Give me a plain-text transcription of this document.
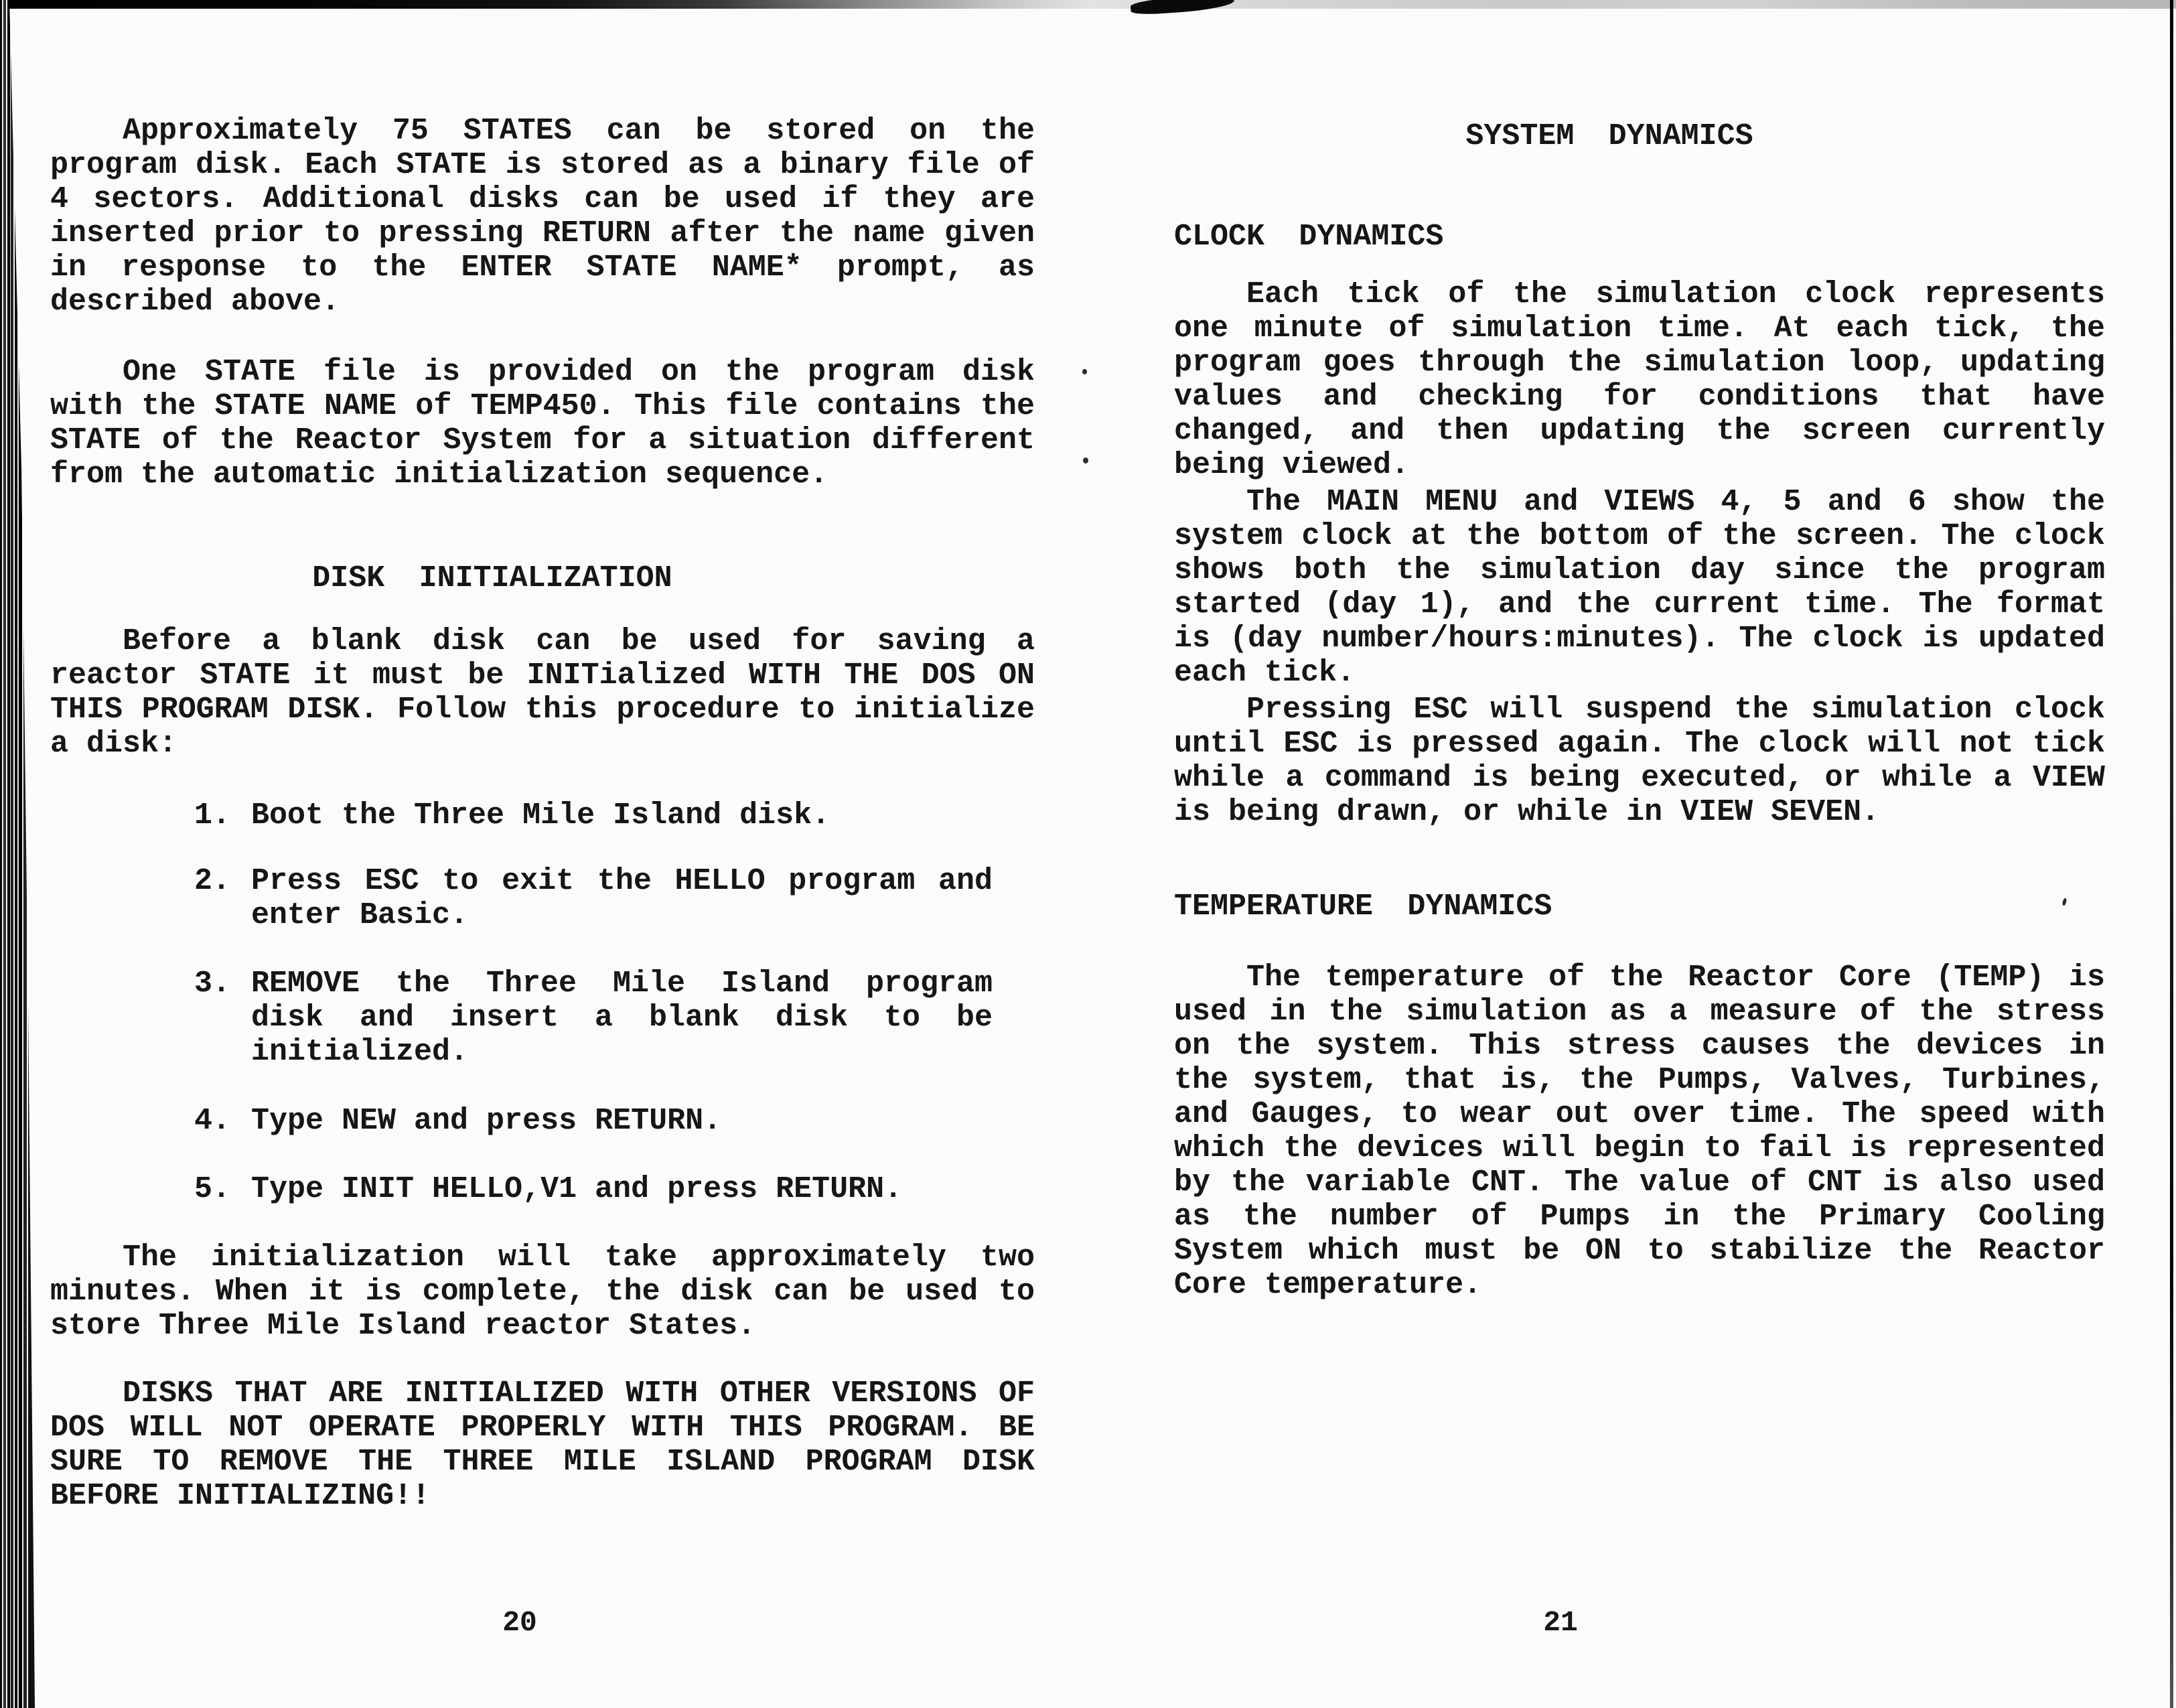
Approximately 75 STATES can be stored on the program disk. Each STATE is stored as a binary file of 4 sectors. Additional disks can be used if they are inserted prior to pressing RETURN after the name given in response to the ENTER STATE NAME* prompt, as described above.
One STATE file is provided on the program disk with the STATE NAME of TEMP450. This file contains the STATE of the Reactor System for a situation different from the automatic initialization sequence.
DISK INITIALIZATION
Before a blank disk can be used for saving a reactor STATE it must be INITialized WITH THE DOS ON THIS PROGRAM DISK. Follow this procedure to initialize a disk:
1. Boot the Three Mile Island disk.
2. Press ESC to exit the HELLO program and enter Basic.
3. REMOVE the Three Mile Island program disk and insert a blank disk to be initialized.
4. Type NEW and press RETURN.
5. Type INIT HELLO,V1 and press RETURN.
The initialization will take approximately two minutes. When it is complete, the disk can be used to store Three Mile Island reactor States.
DISKS THAT ARE INITIALIZED WITH OTHER VERSIONS OF DOS WILL NOT OPERATE PROPERLY WITH THIS PROGRAM. BE SURE TO REMOVE THE THREE MILE ISLAND PROGRAM DISK BEFORE INITIALIZING!!
20
SYSTEM DYNAMICS
CLOCK DYNAMICS
Each tick of the simulation clock represents one minute of simulation time. At each tick, the program goes through the simulation loop, updating values and checking for conditions that have changed, and then updating the screen currently being viewed.
The MAIN MENU and VIEWS 4, 5 and 6 show the system clock at the bottom of the screen. The clock shows both the simulation day since the program started (day 1), and the current time. The format is (day number/hours:minutes). The clock is updated each tick.
Pressing ESC will suspend the simulation clock until ESC is pressed again. The clock will not tick while a command is being executed, or while a VIEW is being drawn, or while in VIEW SEVEN.
TEMPERATURE DYNAMICS
The temperature of the Reactor Core (TEMP) is used in the simulation as a measure of the stress on the system. This stress causes the devices in the system, that is, the Pumps, Valves, Turbines, and Gauges, to wear out over time. The speed with which the devices will begin to fail is represented by the variable CNT. The value of CNT is also used as the number of Pumps in the Primary Cooling System which must be ON to stabilize the Reactor Core temperature.
21
